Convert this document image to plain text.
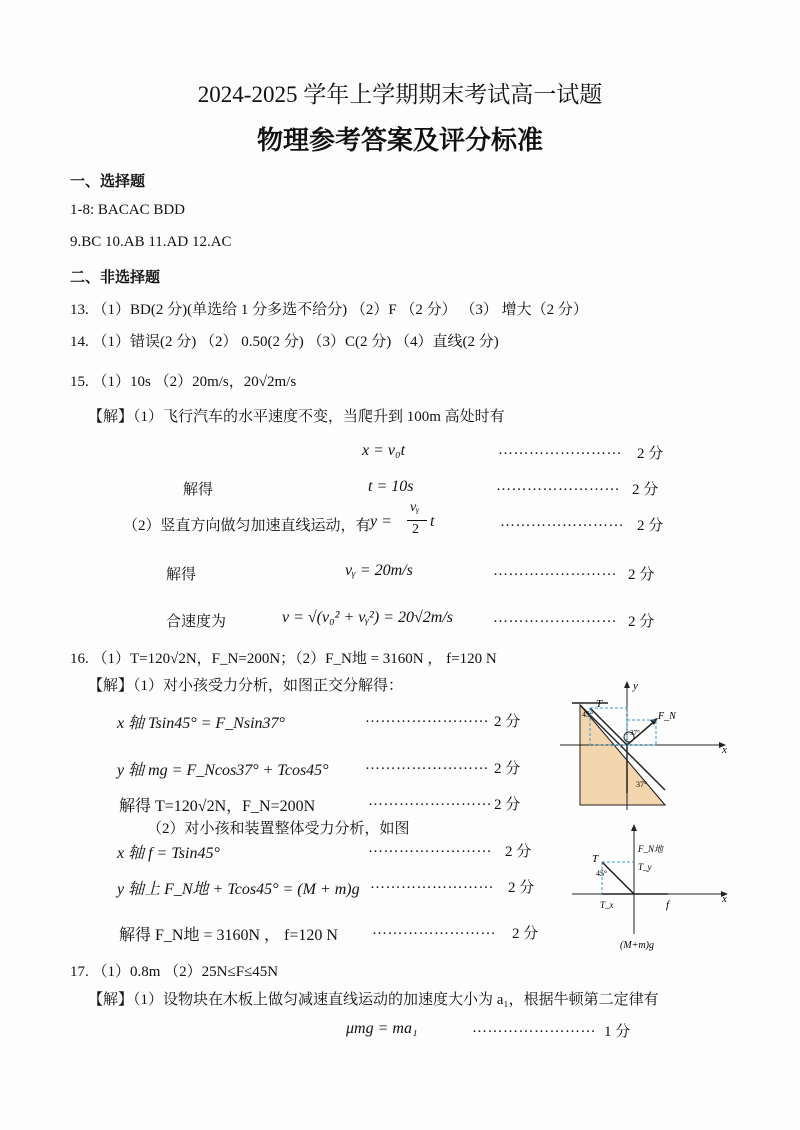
2024-2025 学年上学期期末考试高一试题
物理参考答案及评分标准
一、选择题
1-8: BACAC BDD
9.BC 10.AB 11.AD 12.AC
二、非选择题
13. （1）BD(2 分)(单选给 1 分多选不给分) （2）F （2 分） （3） 增大（2 分）
14. （1）错误(2 分) （2） 0.50(2 分) （3）C(2 分) （4）直线(2 分)
15. （1）10s （2）20m/s，20√2m/s
【解】（1）飞行汽车的水平速度不变，当爬升到 100m 高处时有
x = v₀t	…………………… 2 分
解得	t = 10s	…………………… 2 分
（2）竖直方向做匀加速直线运动，有 y =
vᵧ
2 t	…………………… 2 分
解得	vᵧ = 20m/s	…………………… 2 分
合速度为	v = √(v₀² + vᵧ²) = 20√2m/s	…………………… 2 分
16. （1）T=120√2N，F_N=200N；（2）F_N地 = 3160N ， f=120 N
【解】（1）对小孩受力分析，如图正交分解得：
x 轴 Tsin45° = F_Nsin37°	…………………… 2 分
y 轴 mg = F_Ncos37° + Tcos45° …………………… 2 分
解得 T=120√2N，F_N=200N	…………………… 2 分
（2）对小孩和装置整体受力分析，如图
x 轴 f = Tsin45°	…………………… 2 分
y 轴上 F_N地 + Tcos45° = (M + m)g …………………… 2 分
解得 F_N地 = 3160N ， f=120 N …………………… 2 分
17. （1）0.8m （2）25N≤F≤45N
【解】（1）设物块在木板上做匀减速直线运动的加速度大小为 a₁，根据牛顿第二定律有
μmg = ma₁	…………………… 1 分
y
x
T
F_N
45°
37°
37°
F_N地
T
T_y
45°
T_x	f	x
(M+m)g
